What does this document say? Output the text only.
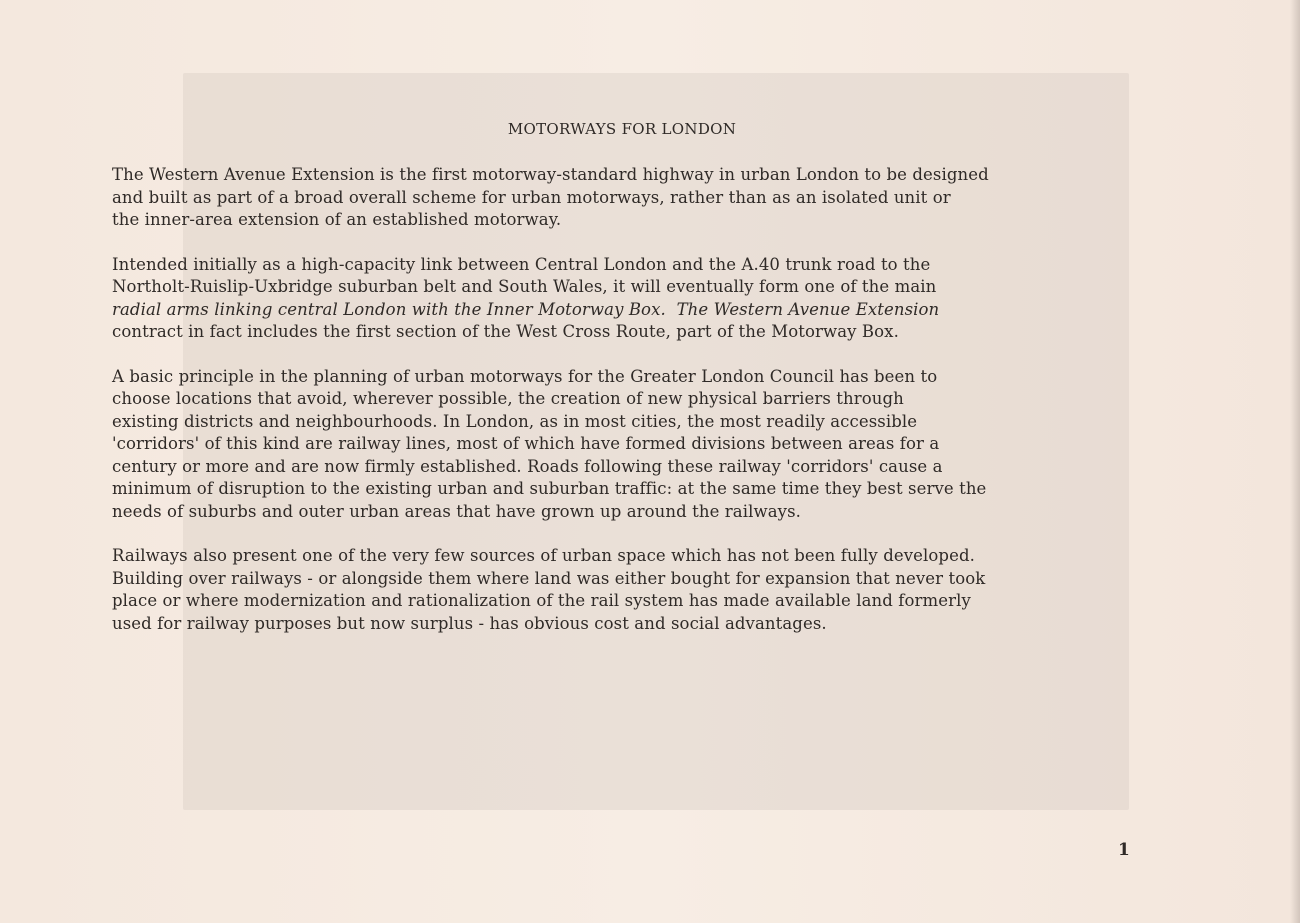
MOTORWAYS FOR LONDON
The Western Avenue Extension is the first motorway-standard highway in urban London to be designed
and built as part of a broad overall scheme for urban motorways, rather than as an isolated unit or
the inner-area extension of an established motorway.
Intended initially as a high-capacity link between Central London and the A.40 trunk road to the
Northolt-Ruislip-Uxbridge suburban belt and South Wales, it will eventually form one of the main
radial arms linking central London with the Inner Motorway Box. The Western Avenue Extension
contract in fact includes the first section of the West Cross Route, part of the Motorway Box.
A basic principle in the planning of urban motorways for the Greater London Council has been to
choose locations that avoid, wherever possible, the creation of new physical barriers through
existing districts and neighbourhoods. In London, as in most cities, the most readily accessible
'corridors' of this kind are railway lines, most of which have formed divisions between areas for a
century or more and are now firmly established. Roads following these railway 'corridors' cause a
minimum of disruption to the existing urban and suburban traffic: at the same time they best serve the
needs of suburbs and outer urban areas that have grown up around the railways.
Railways also present one of the very few sources of urban space which has not been fully developed.
Building over railways - or alongside them where land was either bought for expansion that never took
place or where modernization and rationalization of the rail system has made available land formerly
used for railway purposes but now surplus - has obvious cost and social advantages.
1
